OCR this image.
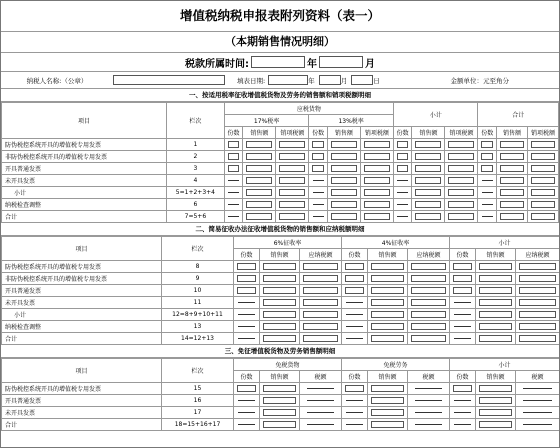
增值税纳税申报表附列资料（表一）
（本期销售情况明细）
税款所属时间:	年	月
纳税人名称:（公章）	填表日期:	年	月	日	金额单位：元至角分
一、按适用税率征收增值税货物及劳务的销售额和销项税额明细
项目	栏次	应税货物						小计			合计		
		17%税率			13%税率								
		份数	销售额	销项税额	份数	销售额	销项税额	份数	销售额	销项税额	份数	销售额	销项税额
防伪税控系统开具的增值税专用发票	1	

非防伪税控系统开具的增值税专用发票	2	

开具普通发票	3	

未开具发票	4	

小计	5=1+2+3+4	

纳税检查调整	6	

合计	7=5+6	

二、简易征收办法征收增值税货物的销售额和应纳税额明细
项目	栏次	6%征收率			4%征收率			小计		
		份数	销售额	应纳税额	份数	销售额	应纳税额	份数	销售额	应纳税额
防伪税控系统开具的增值税专用发票	8	

非防伪税控系统开具的增值税专用发票	9	

开具普通发票	10	

未开具发票	11	

小计	12=8+9+10+11	

纳税检查调整	13	

合计	14=12+13	

三、免征增值税货物及劳务销售额明细
项目	栏次	免税货物			免税劳务			小计		
		份数	销售额	税额	份数	销售额	税额	份数	销售额	税额
防伪税控系统开具的增值税专用发票	15	

开具普通发票	16	

未开具发票	17	

合计	18=15+16+17	
